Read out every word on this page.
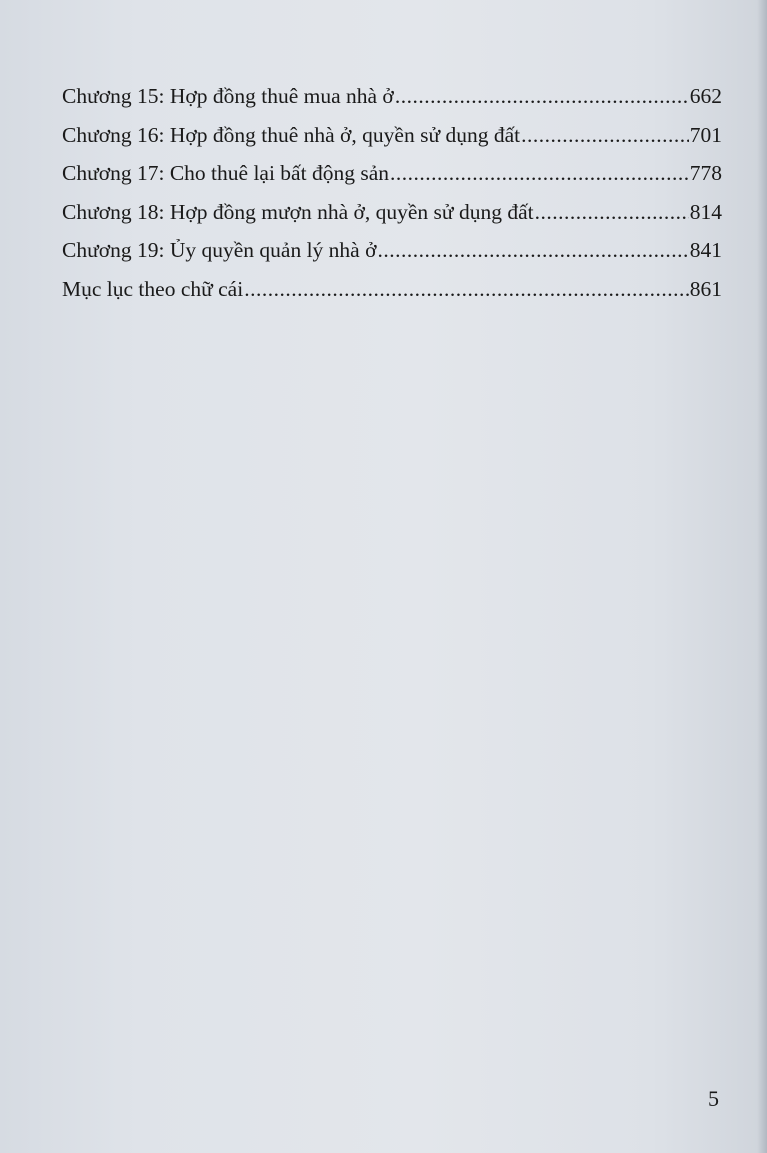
Chương 15: Hợp đồng thuê mua nhà ở .....	662
Chương 16: Hợp đồng thuê nhà ở, quyền sử dụng đất .....	701
Chương 17: Cho thuê lại bất động sản .....	778
Chương 18: Hợp đồng mượn nhà ở, quyền sử dụng đất .....	814
Chương 19: Ủy quyền quản lý nhà ở .....	841
Mục lục theo chữ cái .....	861
5
